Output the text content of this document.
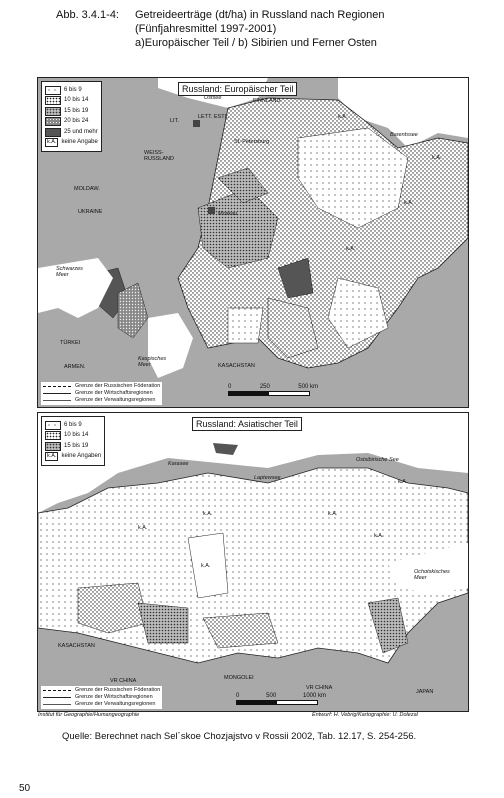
Abb. 3.4.1-4: Getreideerträge (dt/ha) in Russland nach Regionen (Fünfjahresmittel 1997-2001)
a)Europäischer Teil / b) Sibirien und Ferner Osten
6 bis 9
10 bis 14
15 bis 19
20 bis 24
25 und mehr
k.A. keine Angabe
Russland: Europäischer Teil
Ostsee	FINNLAND
LIT.
LETT. ESTL.
St. Petersburg
WEISS-
RUSSLAND
Barentssee
MOLDAW.
UKRAINE	Moskau
Schwarzes
Meer
TÜRKEI
ARMEN.
Kaspisches
Meer	KASACHSTAN
k.A.
k.A.
k.A.
k.A.
Grenze der Russischen Föderation
Grenze der Wirtschaftsregionen
Grenze der Verwaltungsregionen
0	250	500 km
6 bis 9
10 bis 14
15 bis 19
k.A. keine Angaben
Russland: Asiatischer Teil
Karasee
Ostsibirische See
Laptewsee
Ochotskisches
Meer
KASACHSTAN
VR CHINA	MONGOLEI
VR CHINA
JAPAN
k.A.
k.A.
k.A.
k.A.
k.A.
k.A.
Grenze der Russischen Föderation
Grenze der Wirtschaftsregionen
Grenze der Verwaltungsregionen
0	500	1000 km
Institut für Geographie/Humangeographie	Entwurf: H. Vebrig/Kartographie: U. Dolezal
Quelle: Berechnet nach Sel´skoe Chozjajstvo v Rossii 2002, Tab. 12.17, S. 254-256.
50
